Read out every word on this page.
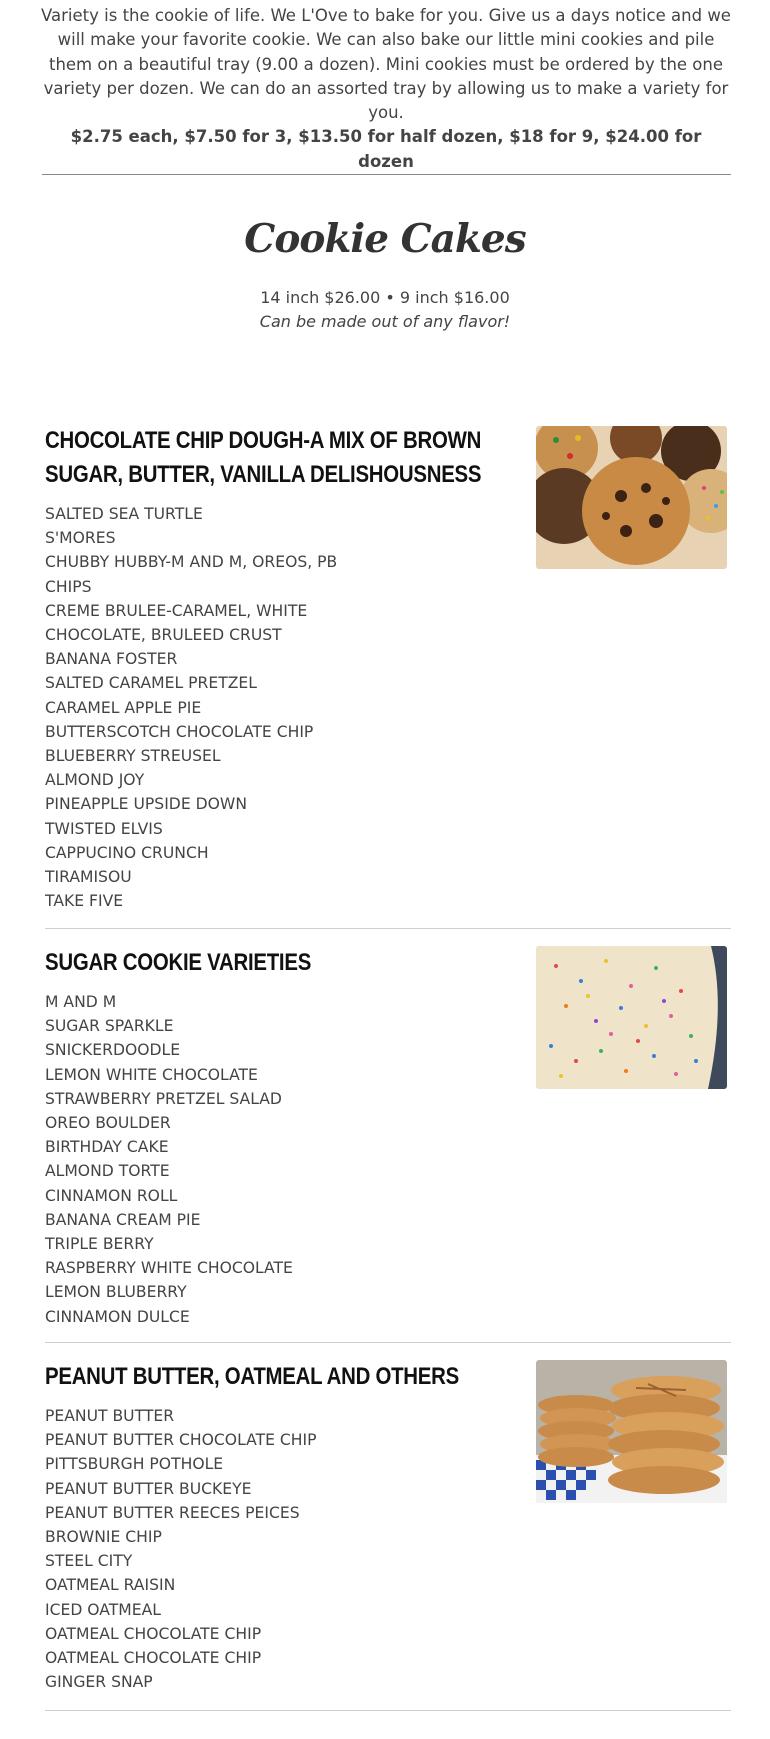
Variety is the cookie of life. We L'Ove to bake for you. Give us a days notice and we will make your favorite cookie. We can also bake our little mini cookies and pile them on a beautiful tray (9.00 a dozen). Mini cookies must be ordered by the one variety per dozen. We can do an assorted tray by allowing us to make a variety for you.

$2.75 each, $7.50 for 3, $13.50 for half dozen, $18 for 9, $24.00 for dozen

Cookie Cakes
14 inch $26.00 • 9 inch $16.00
Can be made out of any flavor!
CHOCOLATE CHIP DOUGH-A MIX OF BROWN SUGAR, BUTTER, VANILLA DELISHOUSNESS
SALTED SEA TURTLE
S'MORES
CHUBBY HUBBY-M AND M, OREOS, PB CHIPS
CREME BRULEE-CARAMEL, WHITE CHOCOLATE, BRULEED CRUST
BANANA FOSTER
SALTED CARAMEL PRETZEL
CARAMEL APPLE PIE
BUTTERSCOTCH CHOCOLATE CHIP
BLUEBERRY STREUSEL
ALMOND JOY
PINEAPPLE UPSIDE DOWN
TWISTED ELVIS
CAPPUCINO CRUNCH
TIRAMISOU
TAKE FIVE
SUGAR COOKIE VARIETIES
M AND M
SUGAR SPARKLE
SNICKERDOODLE
LEMON WHITE CHOCOLATE
STRAWBERRY PRETZEL SALAD
OREO BOULDER
BIRTHDAY CAKE
ALMOND TORTE
CINNAMON ROLL
BANANA CREAM PIE
TRIPLE BERRY
RASPBERRY WHITE CHOCOLATE
LEMON BLUBERRY
CINNAMON DULCE
PEANUT BUTTER, OATMEAL AND OTHERS
PEANUT BUTTER
PEANUT BUTTER CHOCOLATE CHIP
PITTSBURGH POTHOLE
PEANUT BUTTER BUCKEYE
PEANUT BUTTER REECES PEICES
BROWNIE CHIP
STEEL CITY
OATMEAL RAISIN
ICED OATMEAL
OATMEAL CHOCOLATE CHIP
OATMEAL CHOCOLATE CHIP
GINGER SNAP
